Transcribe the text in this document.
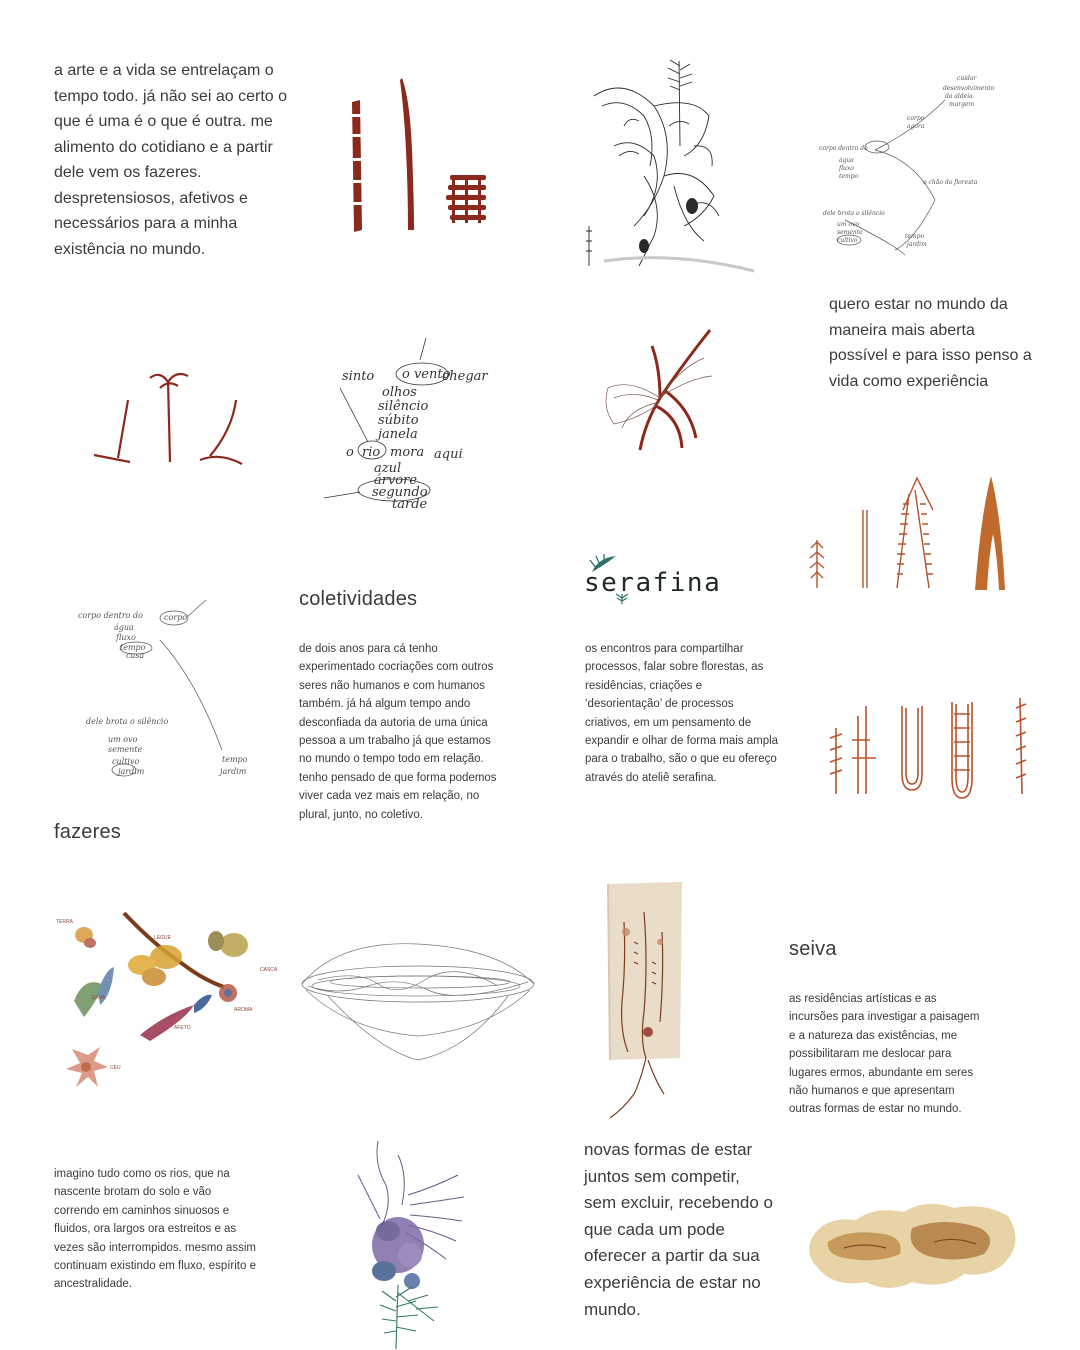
a arte e a vida se entrelaçam o tempo todo. já não sei ao certo o que é uma é o que é outra. me alimento do cotidiano e a partir dele vem os fazeres. despretensiosos, afetivos e necessários para a minha existência no mundo.

cuidar
desenvolvimento
da aldeia
margem
corpo
agora
corpo dentro do
água
fluxo
tempo
o chão da floresta
dele brota o silêncio
um ovo
semente
cultivo
tempo
jardim

quero estar no mundo da maneira mais aberta possível e para isso penso a vida como experiência

sinto o vento
chegar
olhos
silêncio
súbito
janela
o rio mora aqui
azul
árvore
segundo
tarde
serafina
corpo dentro do	corpo
água
fluxo
tempo
casa
dele brota o silêncio
um ovo
semente
cultivo
jardim
tempo
jardim
coletividades

de dois anos para cá tenho experimentado cocriações com outros seres não humanos e com humanos também. já há algum tempo ando desconfiada da autoria de uma única pessoa a um trabalho já que estamos no mundo o tempo todo em relação. tenho pensado de que forma podemos viver cada vez mais em relação, no plural, junto, no coletivo.

os encontros para compartilhar processos, falar sobre florestas, as residências, criações e ‘desorientação’ de processos criativos, em um pensamento de expandir e olhar de forma mais ampla para o trabalho, são o que eu ofereço através do ateliê serafina.

fazeres
TERRA
LEGUE
CASCA
ERVA
AROMA
AFETO
CÉU
seiva

as residências artísticas e as incursões para investigar a paisagem e a natureza das existências, me possibilitaram me deslocar para lugares ermos, abundante em seres não humanos e que apresentam outras formas de estar no mundo.

imagino tudo como os rios, que na nascente brotam do solo e vão correndo em caminhos sinuosos e fluidos, ora largos ora estreitos e as vezes são interrompidos. mesmo assim continuam existindo em fluxo, espírito e ancestralidade.

novas formas de estar juntos sem competir, sem excluir, recebendo o que cada um pode oferecer a partir da sua experiência de estar no mundo.
